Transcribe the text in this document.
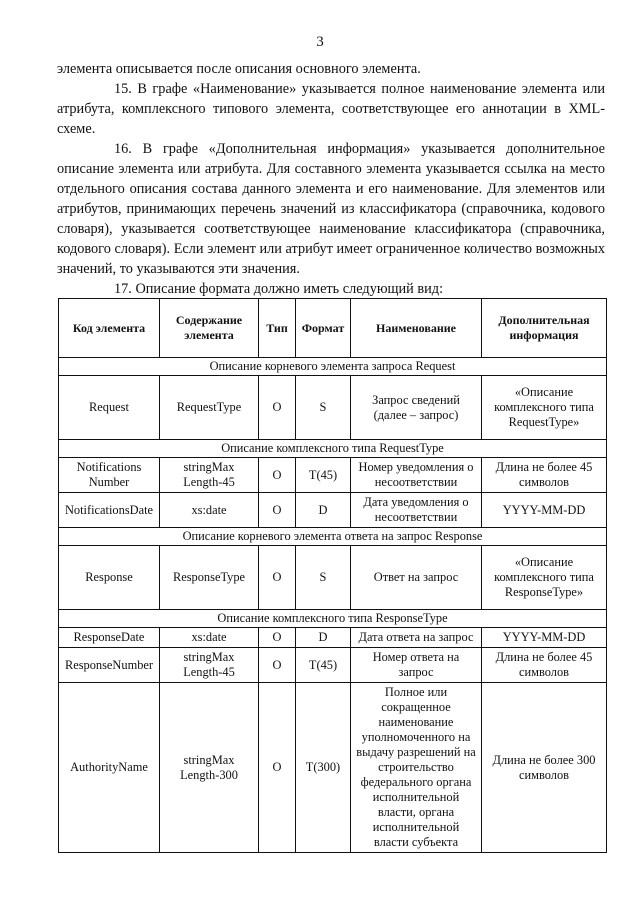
3

элемента описывается после описания основного элемента.

15. В графе «Наименование» указывается полное наименование элемента или атрибута, комплексного типового элемента, соответствующее его аннотации в XML-схеме.

16. В графе «Дополнительная информация» указывается дополнительное описание элемента или атрибута. Для составного элемента указывается ссылка на место отдельного описания состава данного элемента и его наименование. Для элементов или атрибутов, принимающих перечень значений из классификатора (справочника, кодового словаря), указывается соответствующее наименование классификатора (справочника, кодового словаря). Если элемент или атрибут имеет ограниченное количество возможных значений, то указываются эти значения.

17. Описание формата должно иметь следующий вид:

Код элемента	Содержание элемента	Тип	Формат	Наименование	Дополнительная информация
Описание корневого элемента запроса Request					
Request	RequestType	О	S	Запрос сведений (далее – запрос)	«Описание комплексного типа RequestType»
Описание комплексного типа RequestType					
Notifications Number	stringMax Length-45	О	T(45)	Номер уведомления о несоответствии	Длина не более 45 символов
NotificationsDate	xs:date	О	D	Дата уведомления о несоответствии	YYYY-MM-DD
Описание корневого элемента ответа на запрос Response					
Response	ResponseType	О	S	Ответ на запрос	«Описание комплексного типа ResponseType»
Описание комплексного типа ResponseType					
ResponseDate	xs:date	О	D	Дата ответа на запрос	YYYY-MM-DD
ResponseNumber	stringMax Length-45	О	T(45)	Номер ответа на запрос	Длина не более 45 символов
AuthorityName	stringMax Length-300	О	T(300)	Полное или сокращенное наименование уполномоченного на выдачу разрешений на строительство федерального органа исполнительной власти, органа исполнительной власти субъекта	Длина не более 300 символов
